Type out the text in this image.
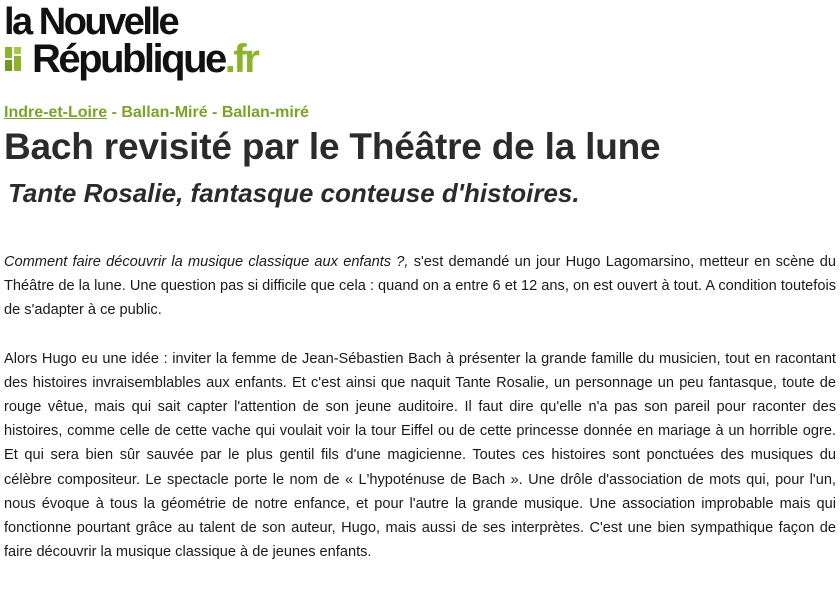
la Nouvelle
République.fr
Indre-et-Loire - Ballan-Miré - Ballan-miré
Bach revisité par le Théâtre de la lune
Tante Rosalie, fantasque conteuse d'histoires.

Comment faire découvrir la musique classique aux enfants ?, s'est demandé un jour Hugo Lagomarsino, metteur en scène du Théâtre de la lune. Une question pas si difficile que cela : quand on a entre 6 et 12 ans, on est ouvert à tout. A condition toutefois de s'adapter à ce public.

Alors Hugo eu une idée : inviter la femme de Jean-Sébastien Bach à présenter la grande famille du musicien, tout en racontant des histoires invraisemblables aux enfants. Et c'est ainsi que naquit Tante Rosalie, un personnage un peu fantasque, toute de rouge vêtue, mais qui sait capter l'attention de son jeune auditoire. Il faut dire qu'elle n'a pas son pareil pour raconter des histoires, comme celle de cette vache qui voulait voir la tour Eiffel ou de cette princesse donnée en mariage à un horrible ogre. Et qui sera bien sûr sauvée par le plus gentil fils d'une magicienne. Toutes ces histoires sont ponctuées des musiques du célèbre compositeur. Le spectacle porte le nom de « L'hypoténuse de Bach ». Une drôle d'association de mots qui, pour l'un, nous évoque à tous la géométrie de notre enfance, et pour l'autre la grande musique. Une association improbable mais qui fonctionne pourtant grâce au talent de son auteur, Hugo, mais aussi de ses interprètes. C'est une bien sympathique façon de faire découvrir la musique classique à de jeunes enfants.
